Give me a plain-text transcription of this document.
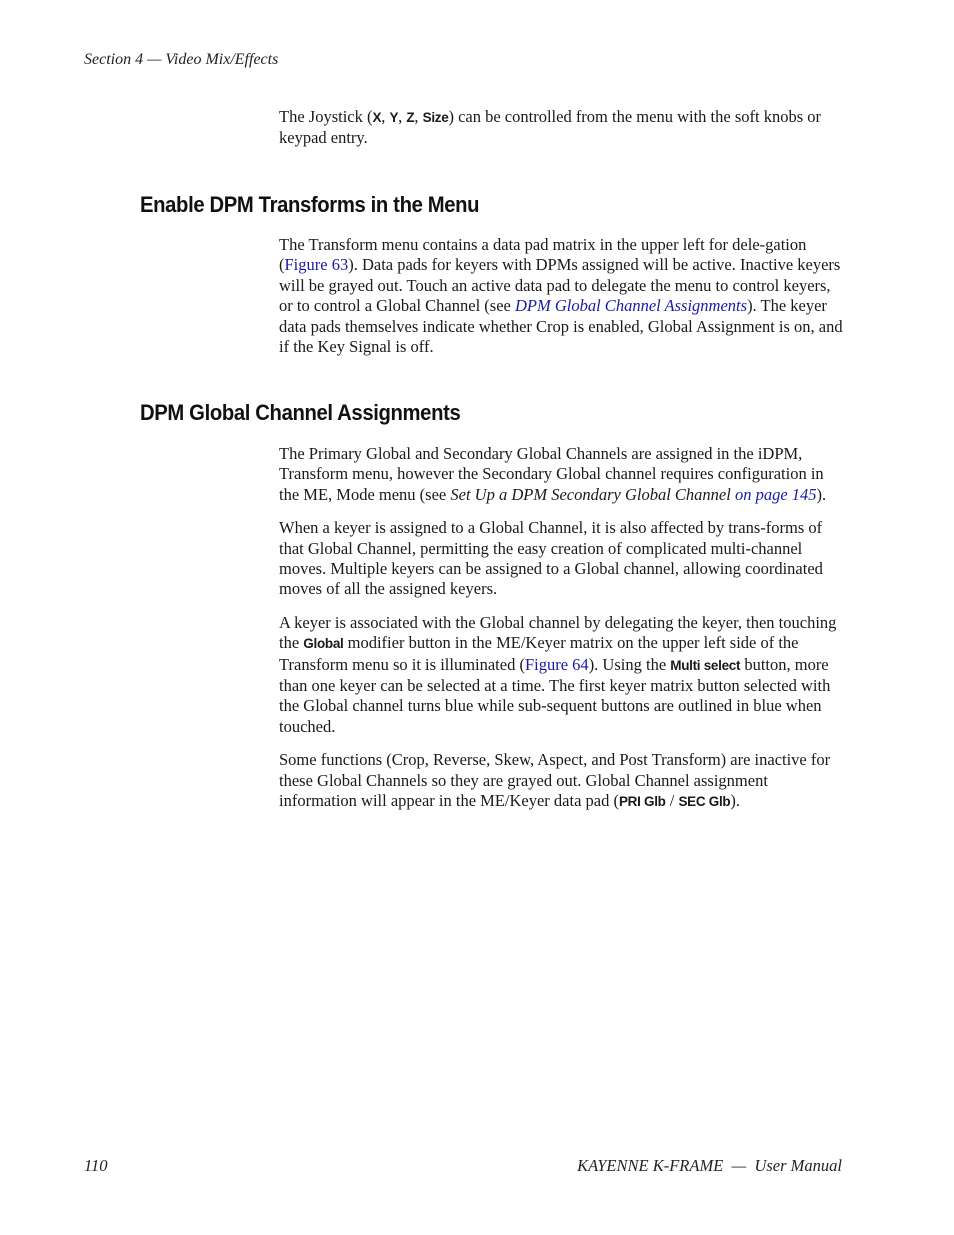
Section 4 — Video Mix/Effects

The Joystick (X, Y, Z, Size) can be controlled from the menu with the soft knobs or keypad entry.

Enable DPM Transforms in the Menu

The Transform menu contains a data pad matrix in the upper left for dele-gation (Figure 63). Data pads for keyers with DPMs assigned will be active. Inactive keyers will be grayed out. Touch an active data pad to delegate the menu to control keyers, or to control a Global Channel (see DPM Global Channel Assignments). The keyer data pads themselves indicate whether Crop is enabled, Global Assignment is on, and if the Key Signal is off.

DPM Global Channel Assignments

The Primary Global and Secondary Global Channels are assigned in the iDPM, Transform menu, however the Secondary Global channel requires configuration in the ME, Mode menu (see Set Up a DPM Secondary Global Channel on page 145).

When a keyer is assigned to a Global Channel, it is also affected by trans-forms of that Global Channel, permitting the easy creation of complicated multi-channel moves. Multiple keyers can be assigned to a Global channel, allowing coordinated moves of all the assigned keyers.

A keyer is associated with the Global channel by delegating the keyer, then touching the Global modifier button in the ME/Keyer matrix on the upper left side of the Transform menu so it is illuminated (Figure 64). Using the Multi select button, more than one keyer can be selected at a time. The first keyer matrix button selected with the Global channel turns blue while sub-sequent buttons are outlined in blue when touched.

Some functions (Crop, Reverse, Skew, Aspect, and Post Transform) are inactive for these Global Channels so they are grayed out. Global Channel assignment information will appear in the ME/Keyer data pad (PRI Glb / SEC Glb).

110	KAYENNE K-FRAME  —  User Manual
